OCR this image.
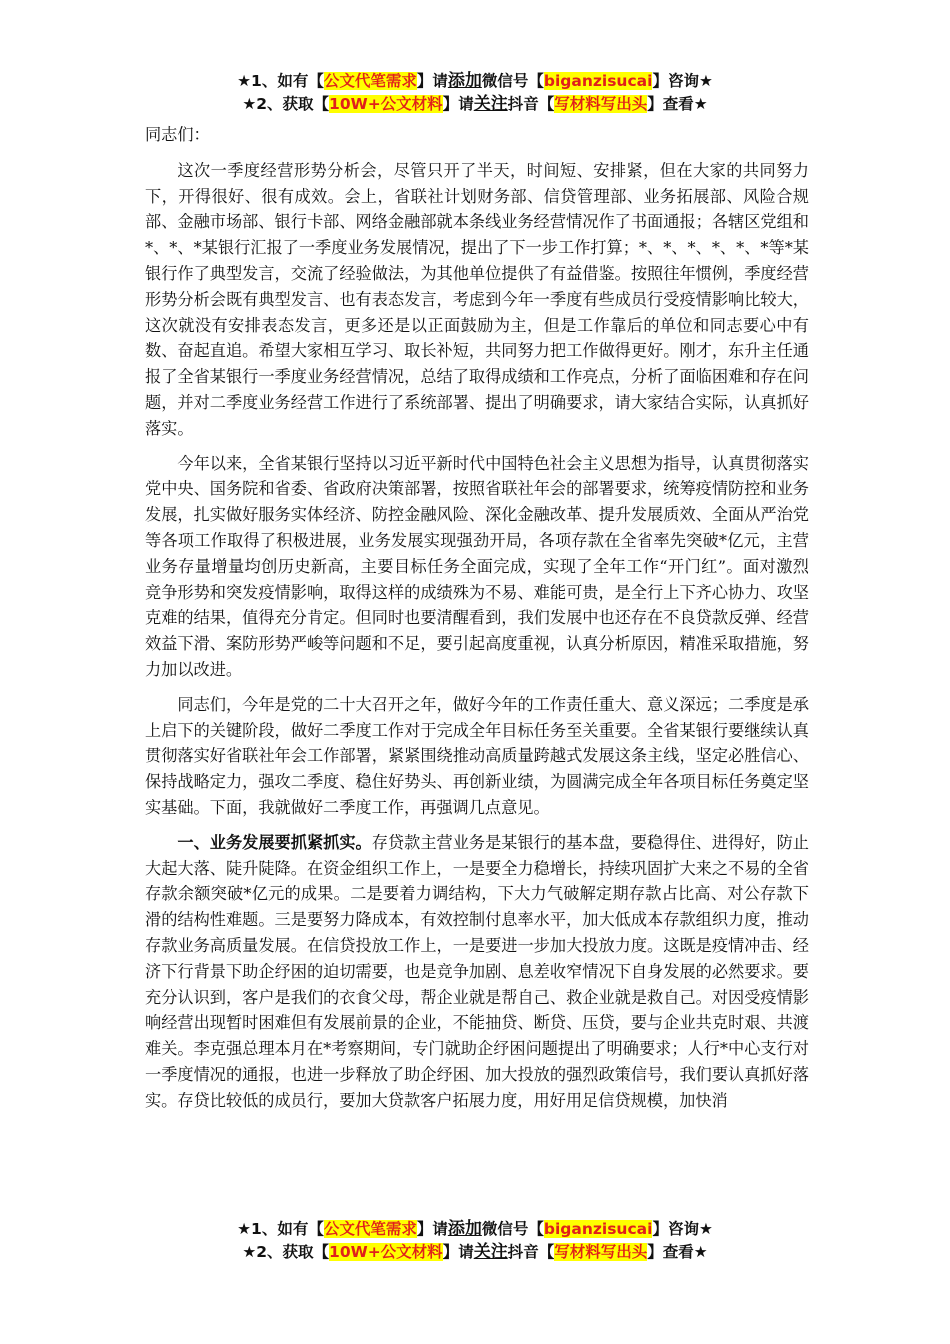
★1、如有【公文代笔需求】请添加微信号【biganzisucai】咨询★
★2、获取【10W+公文材料】请关注抖音【写材料写出头】查看★

同志们：

这次一季度经营形势分析会，尽管只开了半天，时间短、安排紧，但在大家的共同努力下，开得很好、很有成效。会上，省联社计划财务部、信贷管理部、业务拓展部、风险合规部、金融市场部、银行卡部、网络金融部就本条线业务经营情况作了书面通报；各辖区党组和*、*、*某银行汇报了一季度业务发展情况，提出了下一步工作打算；*、*、*、*、*、*等*某银行作了典型发言，交流了经验做法，为其他单位提供了有益借鉴。按照往年惯例，季度经营形势分析会既有典型发言、也有表态发言，考虑到今年一季度有些成员行受疫情影响比较大，这次就没有安排表态发言，更多还是以正面鼓励为主，但是工作靠后的单位和同志要心中有数、奋起直追。希望大家相互学习、取长补短，共同努力把工作做得更好。刚才，东升主任通报了全省某银行一季度业务经营情况，总结了取得成绩和工作亮点，分析了面临困难和存在问题，并对二季度业务经营工作进行了系统部署、提出了明确要求，请大家结合实际，认真抓好落实。

今年以来，全省某银行坚持以习近平新时代中国特色社会主义思想为指导，认真贯彻落实党中央、国务院和省委、省政府决策部署，按照省联社年会的部署要求，统筹疫情防控和业务发展，扎实做好服务实体经济、防控金融风险、深化金融改革、提升发展质效、全面从严治党等各项工作取得了积极进展，业务发展实现强劲开局，各项存款在全省率先突破*亿元，主营业务存量增量均创历史新高，主要目标任务全面完成，实现了全年工作“开门红”。面对激烈竞争形势和突发疫情影响，取得这样的成绩殊为不易、难能可贵，是全行上下齐心协力、攻坚克难的结果，值得充分肯定。但同时也要清醒看到，我们发展中也还存在不良贷款反弹、经营效益下滑、案防形势严峻等问题和不足，要引起高度重视，认真分析原因，精准采取措施，努力加以改进。

同志们，今年是党的二十大召开之年，做好今年的工作责任重大、意义深远；二季度是承上启下的关键阶段，做好二季度工作对于完成全年目标任务至关重要。全省某银行要继续认真贯彻落实好省联社年会工作部署，紧紧围绕推动高质量跨越式发展这条主线，坚定必胜信心、保持战略定力，强攻二季度、稳住好势头、再创新业绩，为圆满完成全年各项目标任务奠定坚实基础。下面，我就做好二季度工作，再强调几点意见。

一、业务发展要抓紧抓实。存贷款主营业务是某银行的基本盘，要稳得住、进得好，防止大起大落、陡升陡降。在资金组织工作上，一是要全力稳增长，持续巩固扩大来之不易的全省存款余额突破*亿元的成果。二是要着力调结构，下大力气破解定期存款占比高、对公存款下滑的结构性难题。三是要努力降成本，有效控制付息率水平，加大低成本存款组织力度，推动存款业务高质量发展。在信贷投放工作上，一是要进一步加大投放力度。这既是疫情冲击、经济下行背景下助企纾困的迫切需要，也是竞争加剧、息差收窄情况下自身发展的必然要求。要充分认识到，客户是我们的衣食父母，帮企业就是帮自己、救企业就是救自己。对因受疫情影响经营出现暂时困难但有发展前景的企业，不能抽贷、断贷、压贷，要与企业共克时艰、共渡难关。李克强总理本月在*考察期间，专门就助企纾困问题提出了明确要求；人行*中心支行对一季度情况的通报，也进一步释放了助企纾困、加大投放的强烈政策信号，我们要认真抓好落实。存贷比较低的成员行，要加大贷款客户拓展力度，用好用足信贷规模，加快消

★1、如有【公文代笔需求】请添加微信号【biganzisucai】咨询★
★2、获取【10W+公文材料】请关注抖音【写材料写出头】查看★
